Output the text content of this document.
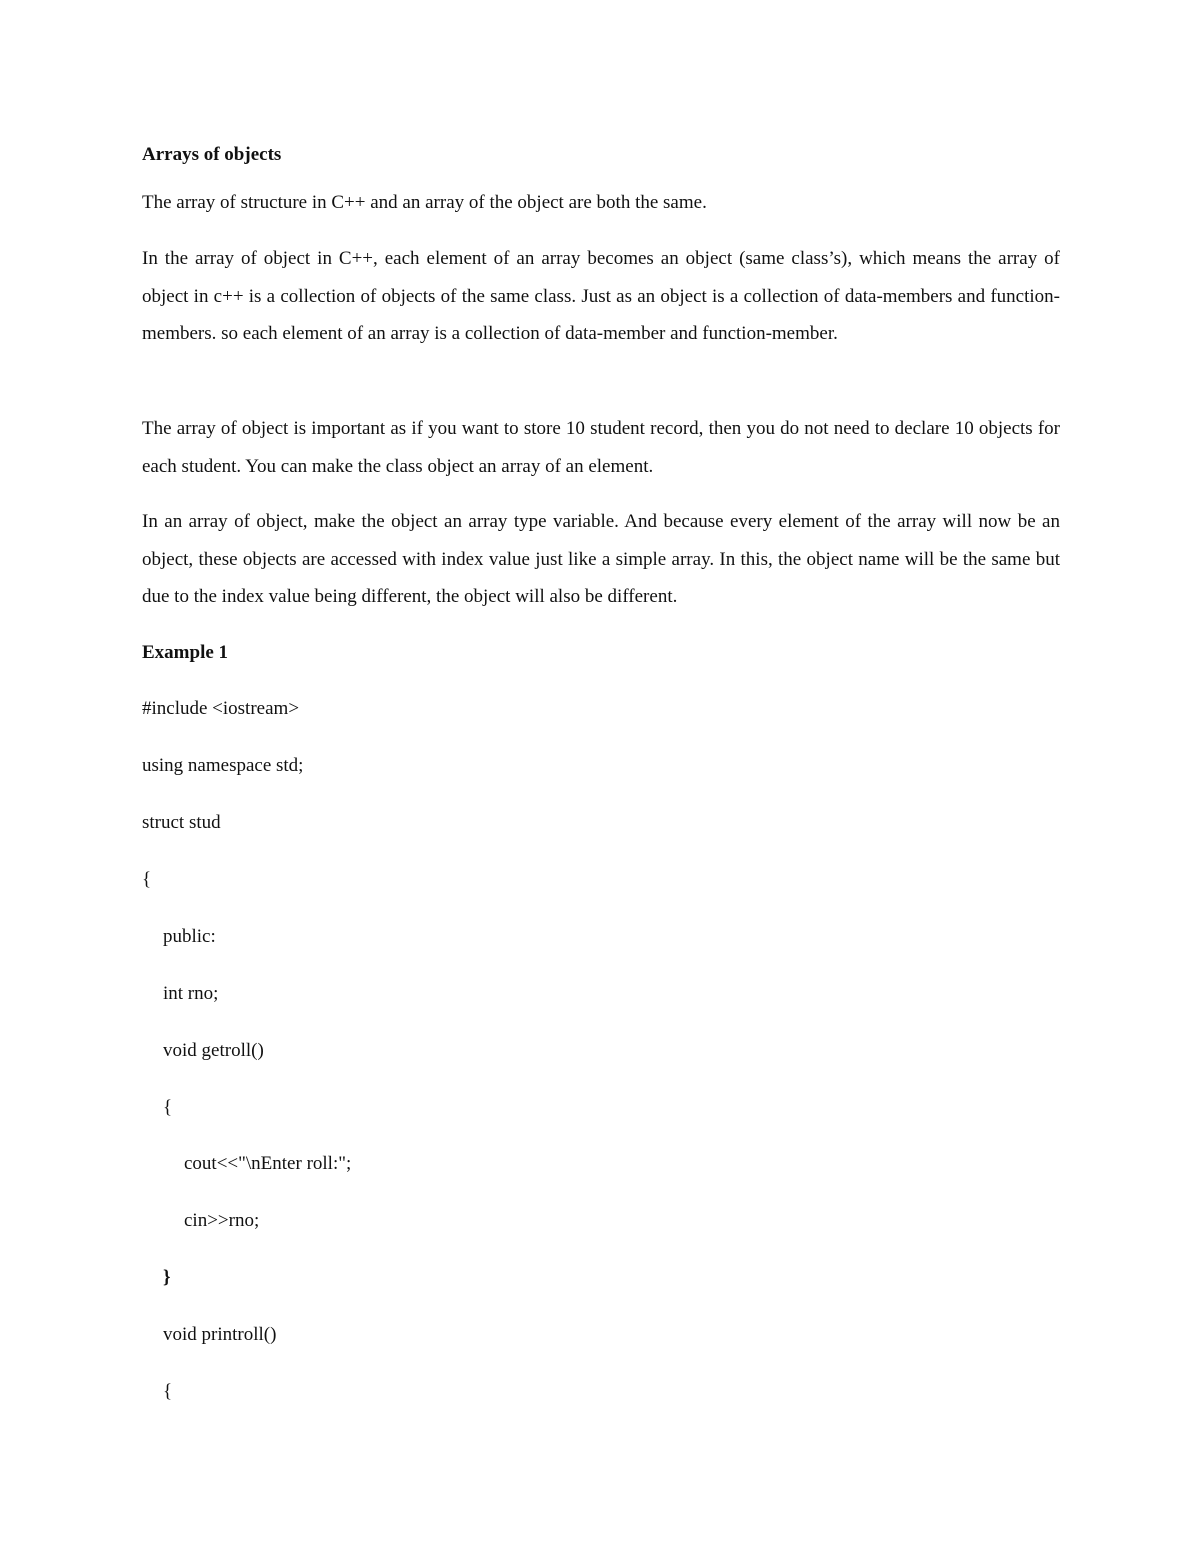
Arrays of objects

The array of structure in C++ and an array of the object are both the same.

In the array of object in C++, each element of an array becomes an object (same class’s), which means the array of object in c++ is a collection of objects of the same class. Just as an object is a collection of data-members and function-members. so each element of an array is a collection of data-member and function-member.

The array of object is important as if you want to store 10 student record, then you do not need to declare 10 objects for each student. You can make the class object an array of an element.

In an array of object, make the object an array type variable. And because every element of the array will now be an object, these objects are accessed with index value just like a simple array. In this, the object name will be the same but due to the index value being different, the object will also be different.

Example 1
#include <iostream>
using namespace std;
struct stud
{
public:
int rno;
void getroll()
{
cout<<"\nEnter roll:";
cin>>rno;
}
void printroll()
{
